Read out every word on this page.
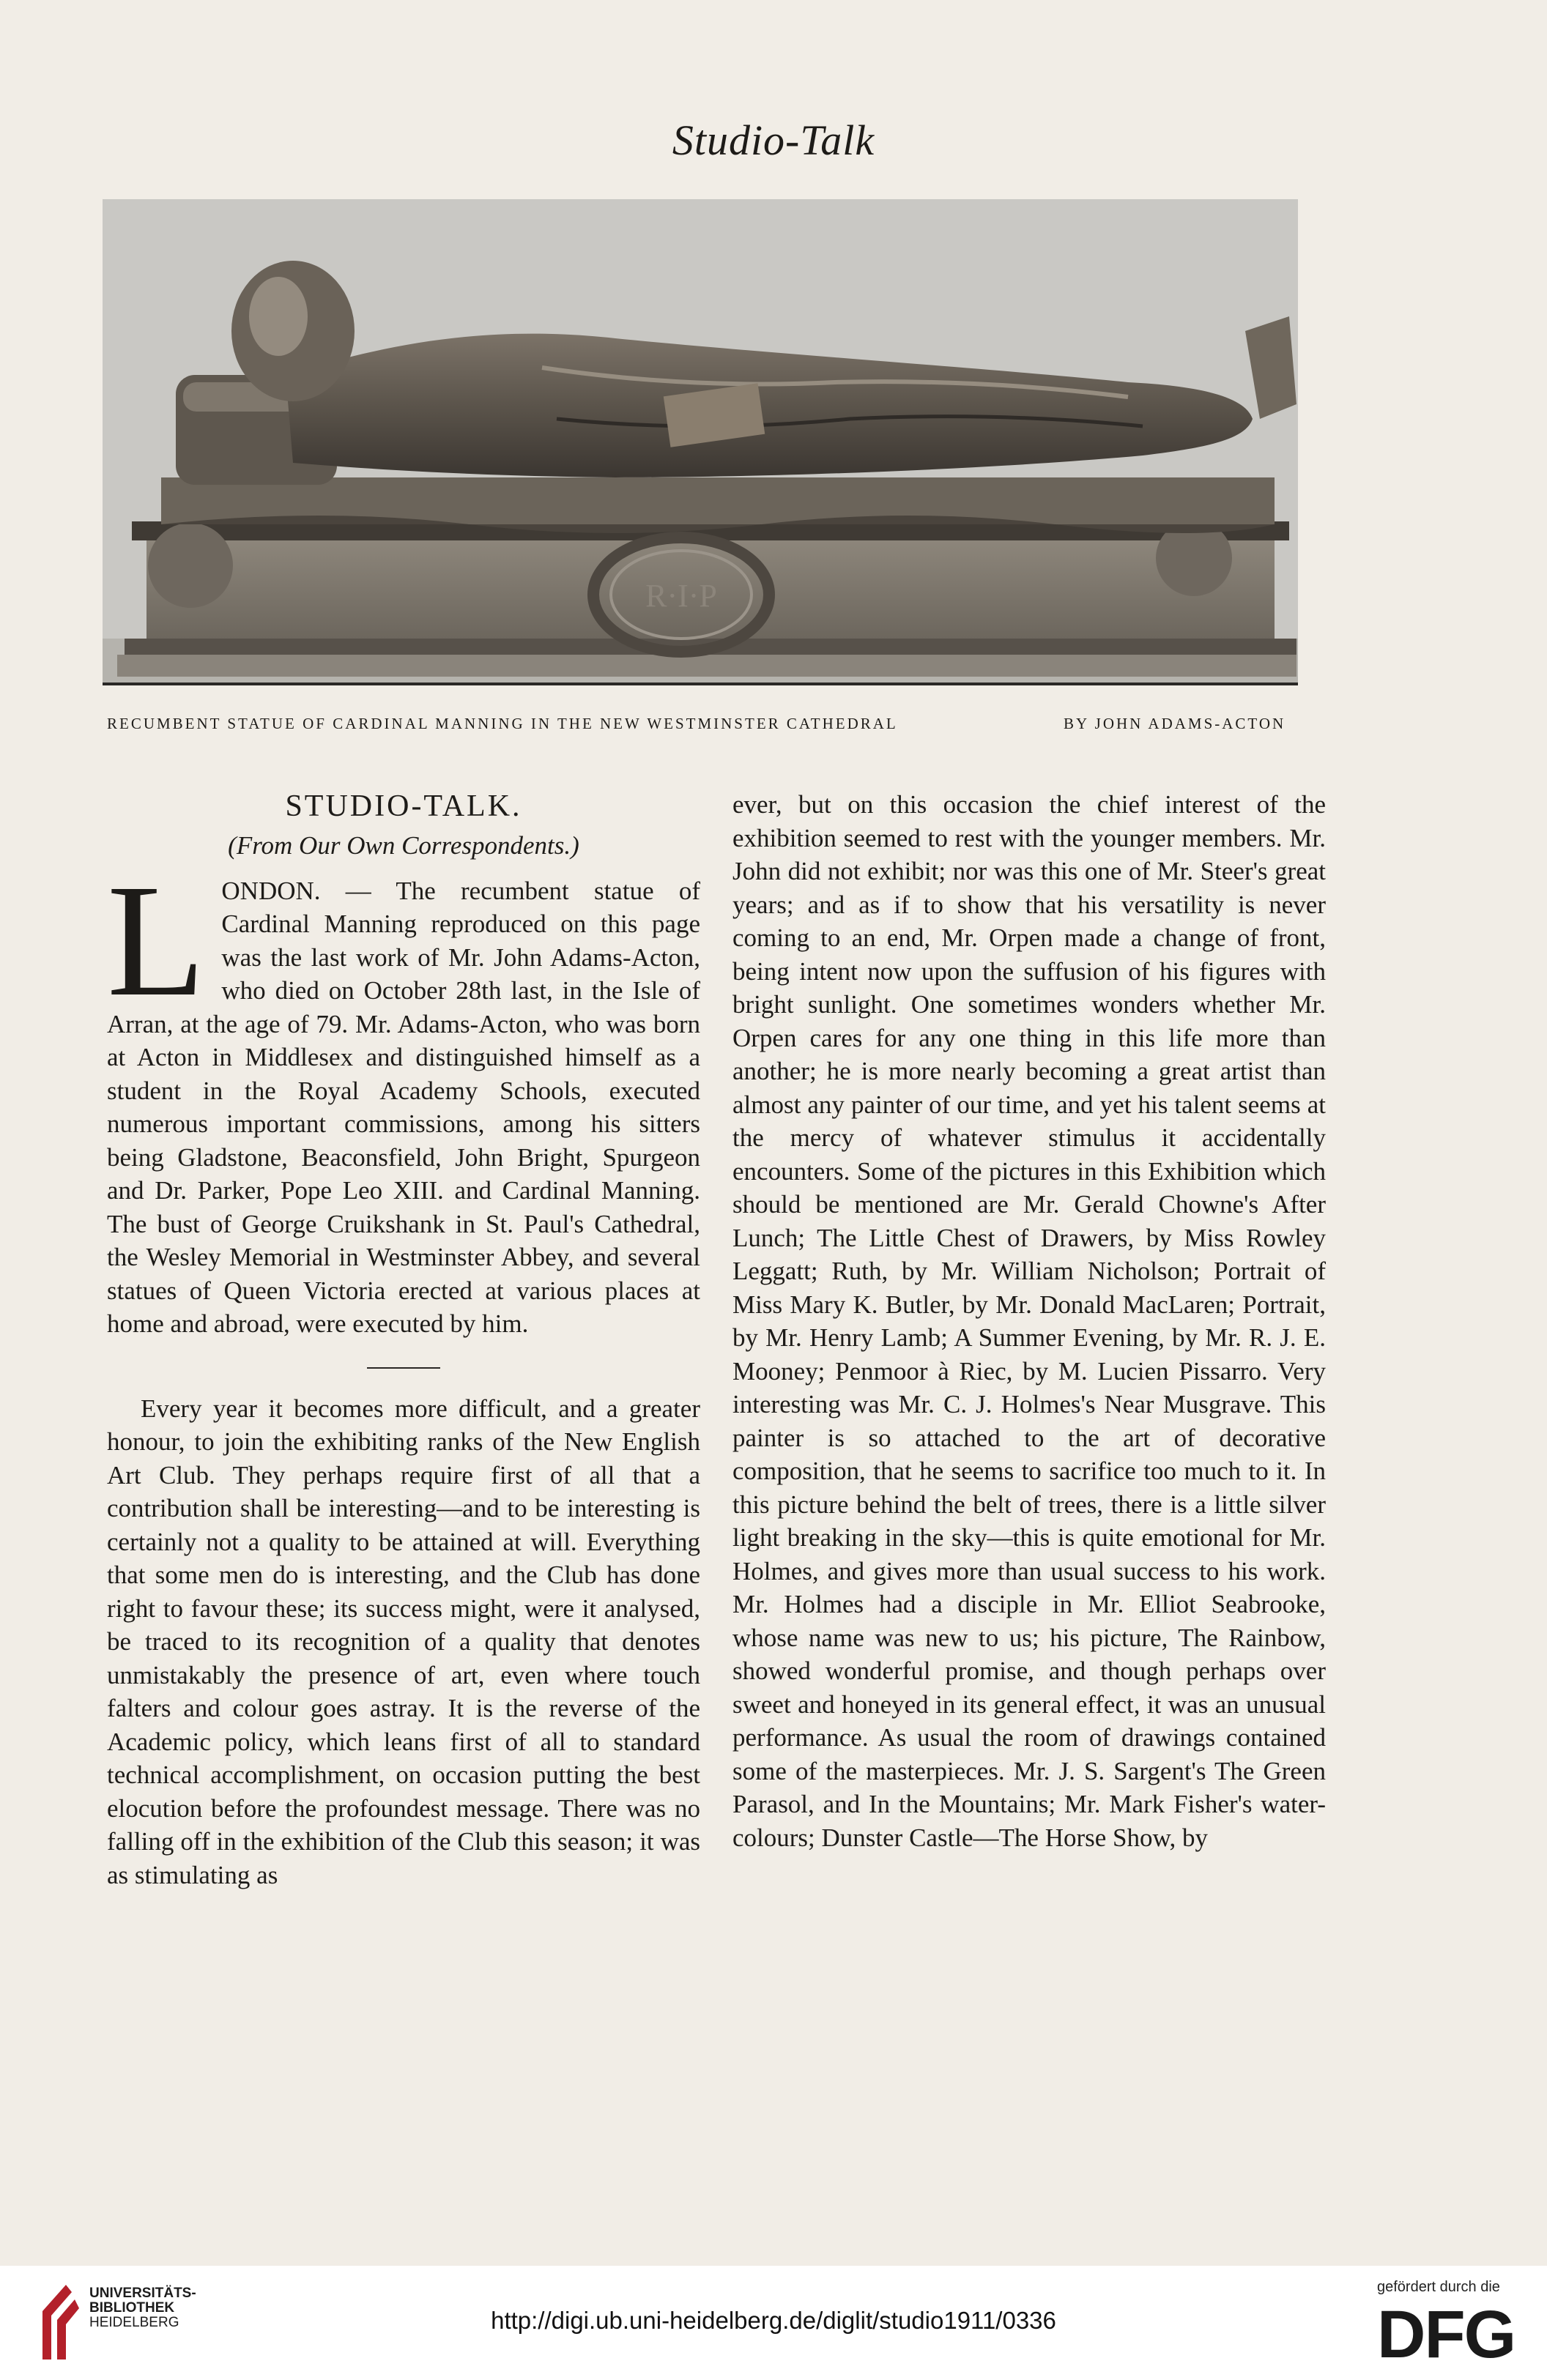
Studio-Talk
R·I·P
RECUMBENT STATUE OF CARDINAL MANNING IN THE NEW WESTMINSTER CATHEDRAL	BY JOHN ADAMS-ACTON
STUDIO-TALK.
(From Our Own Correspondents.)

LONDON. — The recumbent statue of Cardinal Manning reproduced on this page was the last work of Mr. John Adams-Acton, who died on October 28th last, in the Isle of Arran, at the age of 79. Mr. Adams-Acton, who was born at Acton in Middlesex and distinguished himself as a student in the Royal Academy Schools, executed numerous important commissions, among his sitters being Gladstone, Beaconsfield, John Bright, Spurgeon and Dr. Parker, Pope Leo XIII. and Cardinal Manning. The bust of George Cruikshank in St. Paul's Cathedral, the Wesley Memorial in Westminster Abbey, and several statues of Queen Victoria erected at various places at home and abroad, were executed by him.

Every year it becomes more difficult, and a greater honour, to join the exhibiting ranks of the New English Art Club. They perhaps require first of all that a contribution shall be interesting—and to be interesting is certainly not a quality to be attained at will. Everything that some men do is interesting, and the Club has done right to favour these; its success might, were it analysed, be traced to its recognition of a quality that denotes unmistakably the presence of art, even where touch falters and colour goes astray. It is the reverse of the Academic policy, which leans first of all to standard technical accomplishment, on occasion putting the best elocution before the profoundest message. There was no falling off in the exhibition of the Club this season; it was as stimulating as

ever, but on this occasion the chief interest of the exhibition seemed to rest with the younger members. Mr. John did not exhibit; nor was this one of Mr. Steer's great years; and as if to show that his versatility is never coming to an end, Mr. Orpen made a change of front, being intent now upon the suffusion of his figures with bright sunlight. One sometimes wonders whether Mr. Orpen cares for any one thing in this life more than another; he is more nearly becoming a great artist than almost any painter of our time, and yet his talent seems at the mercy of whatever stimulus it accidentally encounters. Some of the pictures in this Exhibition which should be mentioned are Mr. Gerald Chowne's After Lunch; The Little Chest of Drawers, by Miss Rowley Leggatt; Ruth, by Mr. William Nicholson; Portrait of Miss Mary K. Butler, by Mr. Donald MacLaren; Portrait, by Mr. Henry Lamb; A Summer Evening, by Mr. R. J. E. Mooney; Penmoor à Riec, by M. Lucien Pissarro. Very interesting was Mr. C. J. Holmes's Near Musgrave. This painter is so attached to the art of decorative composition, that he seems to sacrifice too much to it. In this picture behind the belt of trees, there is a little silver light breaking in the sky—this is quite emotional for Mr. Holmes, and gives more than usual success to his work. Mr. Holmes had a disciple in Mr. Elliot Seabrooke, whose name was new to us; his picture, The Rainbow, showed wonderful promise, and though perhaps over sweet and honeyed in its general effect, it was an unusual performance. As usual the room of drawings contained some of the masterpieces. Mr. J. S. Sargent's The Green Parasol, and In the Mountains; Mr. Mark Fisher's water-colours; Dunster Castle—The Horse Show, by

UNIVERSITÄTS-
BIBLIOTHEK
HEIDELBERG	http://digi.ub.uni-heidelberg.de/diglit/studio1911/0336
gefördert durch die
DFG
